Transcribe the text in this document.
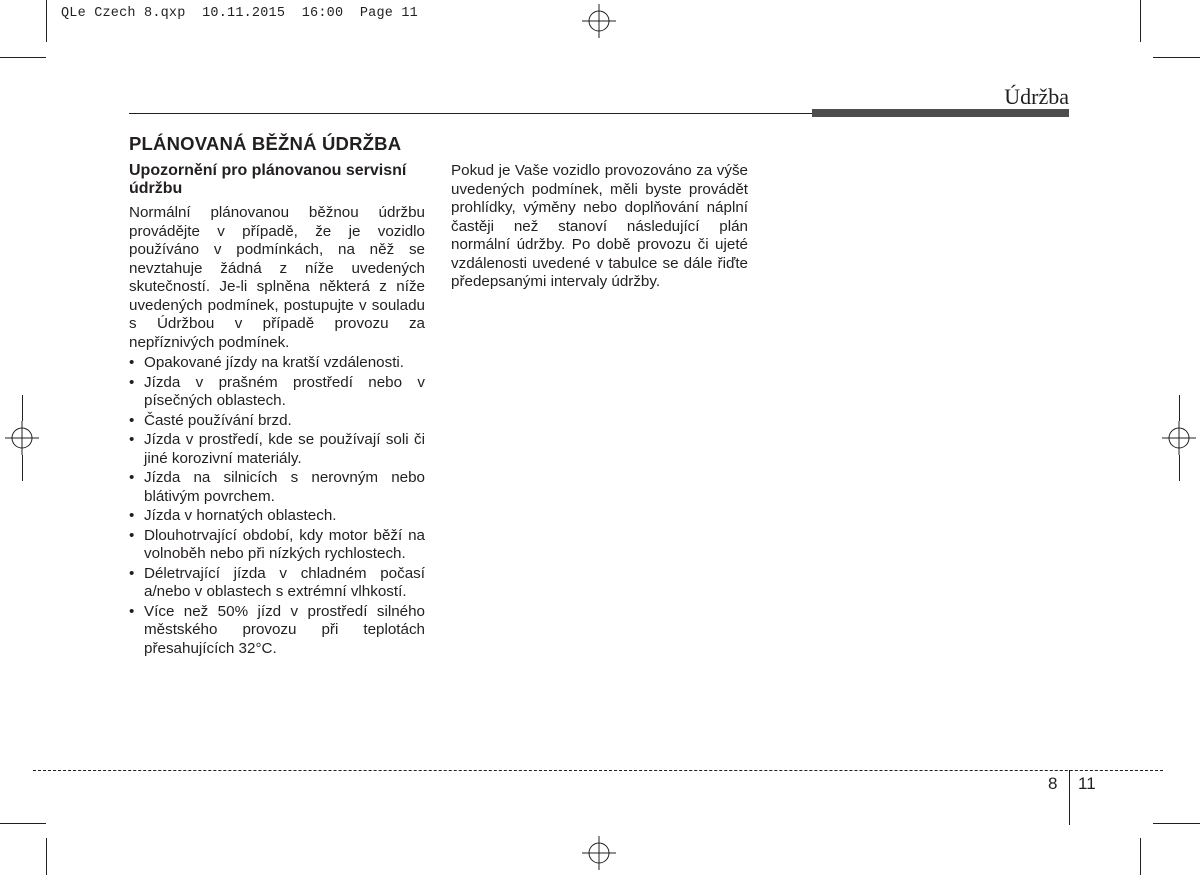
QLe Czech 8.qxp  10.11.2015  16:00  Page 11
Údržba
PLÁNOVANÁ BĚŽNÁ ÚDRŽBA

Upozornění pro plánovanou servisní údržbu

Normální plánovanou běžnou údržbu provádějte v případě, že je vozidlo používáno v podmínkách, na něž se nevztahuje žádná z níže uvedených skutečností. Je-li splněna některá z níže uvedených podmínek, postupujte v souladu s Údržbou v případě provozu za nepříznivých podmínek.

• Opakované jízdy na kratší vzdálenosti.
• Jízda v prašném prostředí nebo v písečných oblastech.
• Časté používání brzd.
• Jízda v prostředí, kde se používají soli či jiné korozivní materiály.
• Jízda na silnicích s nerovným nebo blátivým povrchem.
• Jízda v hornatých oblastech.
• Dlouhotrvající období, kdy motor běží na volnoběh nebo při nízkých rychlostech.
• Déletrvající jízda v chladném počasí a/nebo v oblastech s extrémní vlhkostí.
• Více než 50% jízd v prostředí silného městského provozu při teplotách přesahujících 32°C.

Pokud je Vaše vozidlo provozováno za výše uvedených podmínek, měli byste provádět prohlídky, výměny nebo doplňování náplní častěji než stanoví následující plán normální údržby. Po době provozu či ujeté vzdálenosti uvedené v tabulce se dále řiďte předepsanými intervaly údržby.

8 11
